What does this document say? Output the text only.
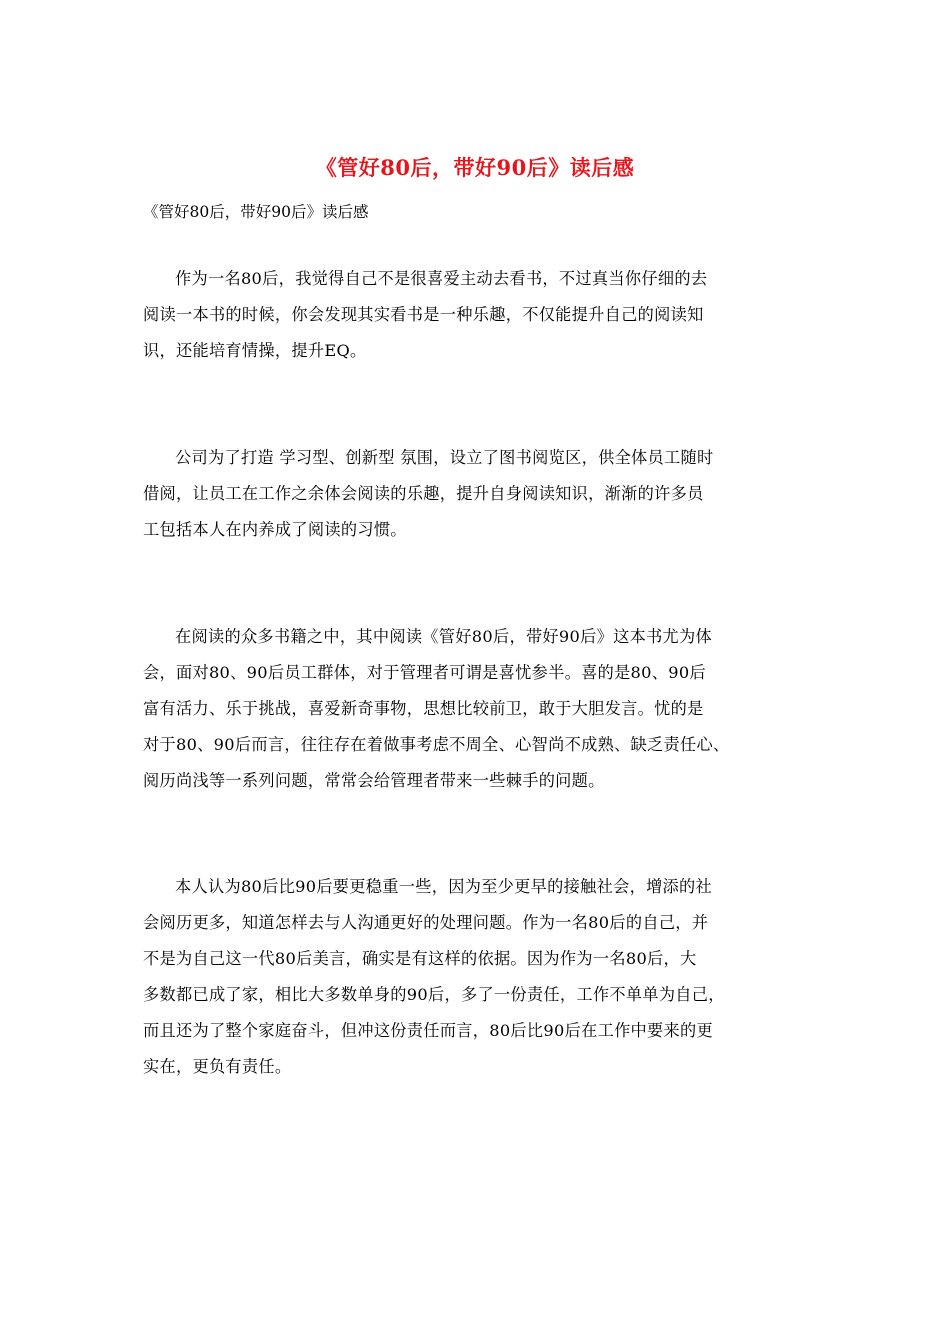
《管好80后，带好90后》读后感
《管好80后，带好90后》读后感
作为一名80后，我觉得自己不是很喜爱主动去看书，不过真当你仔细的去
阅读一本书的时候，你会发现其实看书是一种乐趣，不仅能提升自己的阅读知
识，还能培育情操，提升EQ。
公司为了打造 学习型、创新型 氛围，设立了图书阅览区，供全体员工随时
借阅，让员工在工作之余体会阅读的乐趣，提升自身阅读知识，渐渐的许多员
工包括本人在内养成了阅读的习惯。
在阅读的众多书籍之中，其中阅读《管好80后，带好90后》这本书尤为体
会，面对80、90后员工群体，对于管理者可谓是喜忧参半。喜的是80、90后
富有活力、乐于挑战，喜爱新奇事物，思想比较前卫，敢于大胆发言。忧的是
对于80、90后而言，往往存在着做事考虑不周全、心智尚不成熟、缺乏责任心、
阅历尚浅等一系列问题，常常会给管理者带来一些棘手的问题。
本人认为80后比90后要更稳重一些，因为至少更早的接触社会，增添的社
会阅历更多，知道怎样去与人沟通更好的处理问题。作为一名80后的自己，并
不是为自己这一代80后美言，确实是有这样的依据。因为作为一名80后，大
多数都已成了家，相比大多数单身的90后，多了一份责任，工作不单单为自己，
而且还为了整个家庭奋斗，但冲这份责任而言，80后比90后在工作中要来的更
实在，更负有责任。
